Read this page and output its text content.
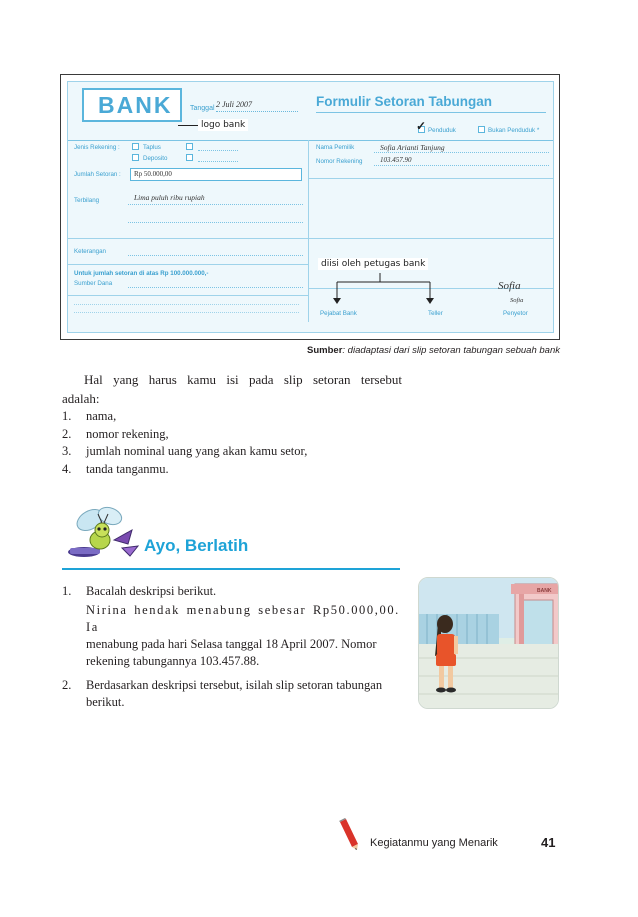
BANK	Tanggal 2 Juli 2007	Formulir Setoran Tabungan
Jenis Rekening :	Taplus
Deposito
Jumlah Setoran : Rp 50.000,00
Terbilang	Lima puluh ribu rupiah
Keterangan
Untuk jumlah setoran di atas Rp 100.000.000,-
Sumber Dana
Nama Pemilik	Sofia Arianti Tanjung
Nomor Rekening	103.457.90
✓ Penduduk	Bukan Penduduk *
Pejabat Bank	Teller	Penyetor
Sofia
Sofia
logo bank
diisi oleh petugas bank
Sumber: diadaptasi dari slip setoran tabungan sebuah bank

Hal yang harus kamu isi pada slip setoran tersebut adalah:

1.	nama,
2.	nomor rekening,
3.	jumlah nominal uang yang akan kamu setor,
4.	tanda tanganmu.
Ayo, Berlatih
1.	Bacalah deskripsi berikut.
Nirina hendak menabung sebesar Rp50.000,00. Ia
menabung pada hari Selasa tanggal 18 April 2007. Nomor rekening tabungannya 103.457.88.
2.	Berdasarkan deskripsi tersebut, isilah slip setoran tabungan berikut.
BANK
Kegiatanmu yang Menarik	41
